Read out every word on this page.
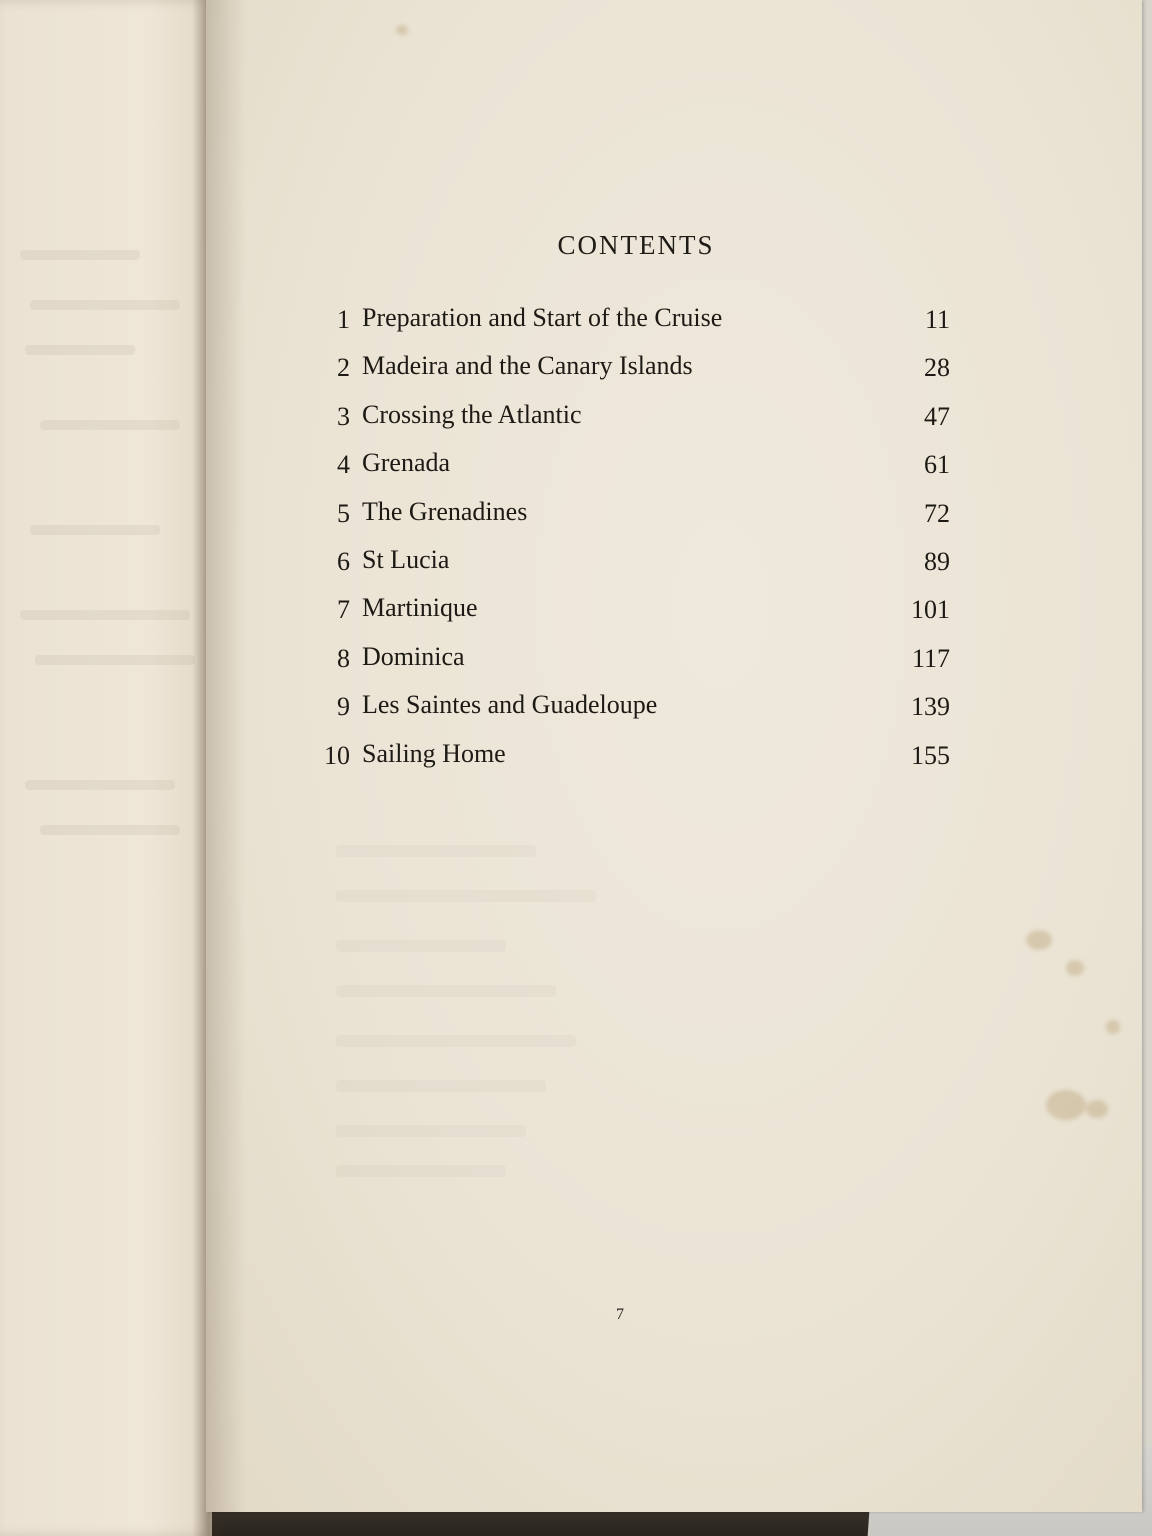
CONTENTS
1 Preparation and Start of the Cruise	11
2 Madeira and the Canary Islands	28
3 Crossing the Atlantic	47
4 Grenada	61
5 The Grenadines	72
6 St Lucia	89
7 Martinique	101
8 Dominica	117
9 Les Saintes and Guadeloupe	139
10 Sailing Home	155
7
